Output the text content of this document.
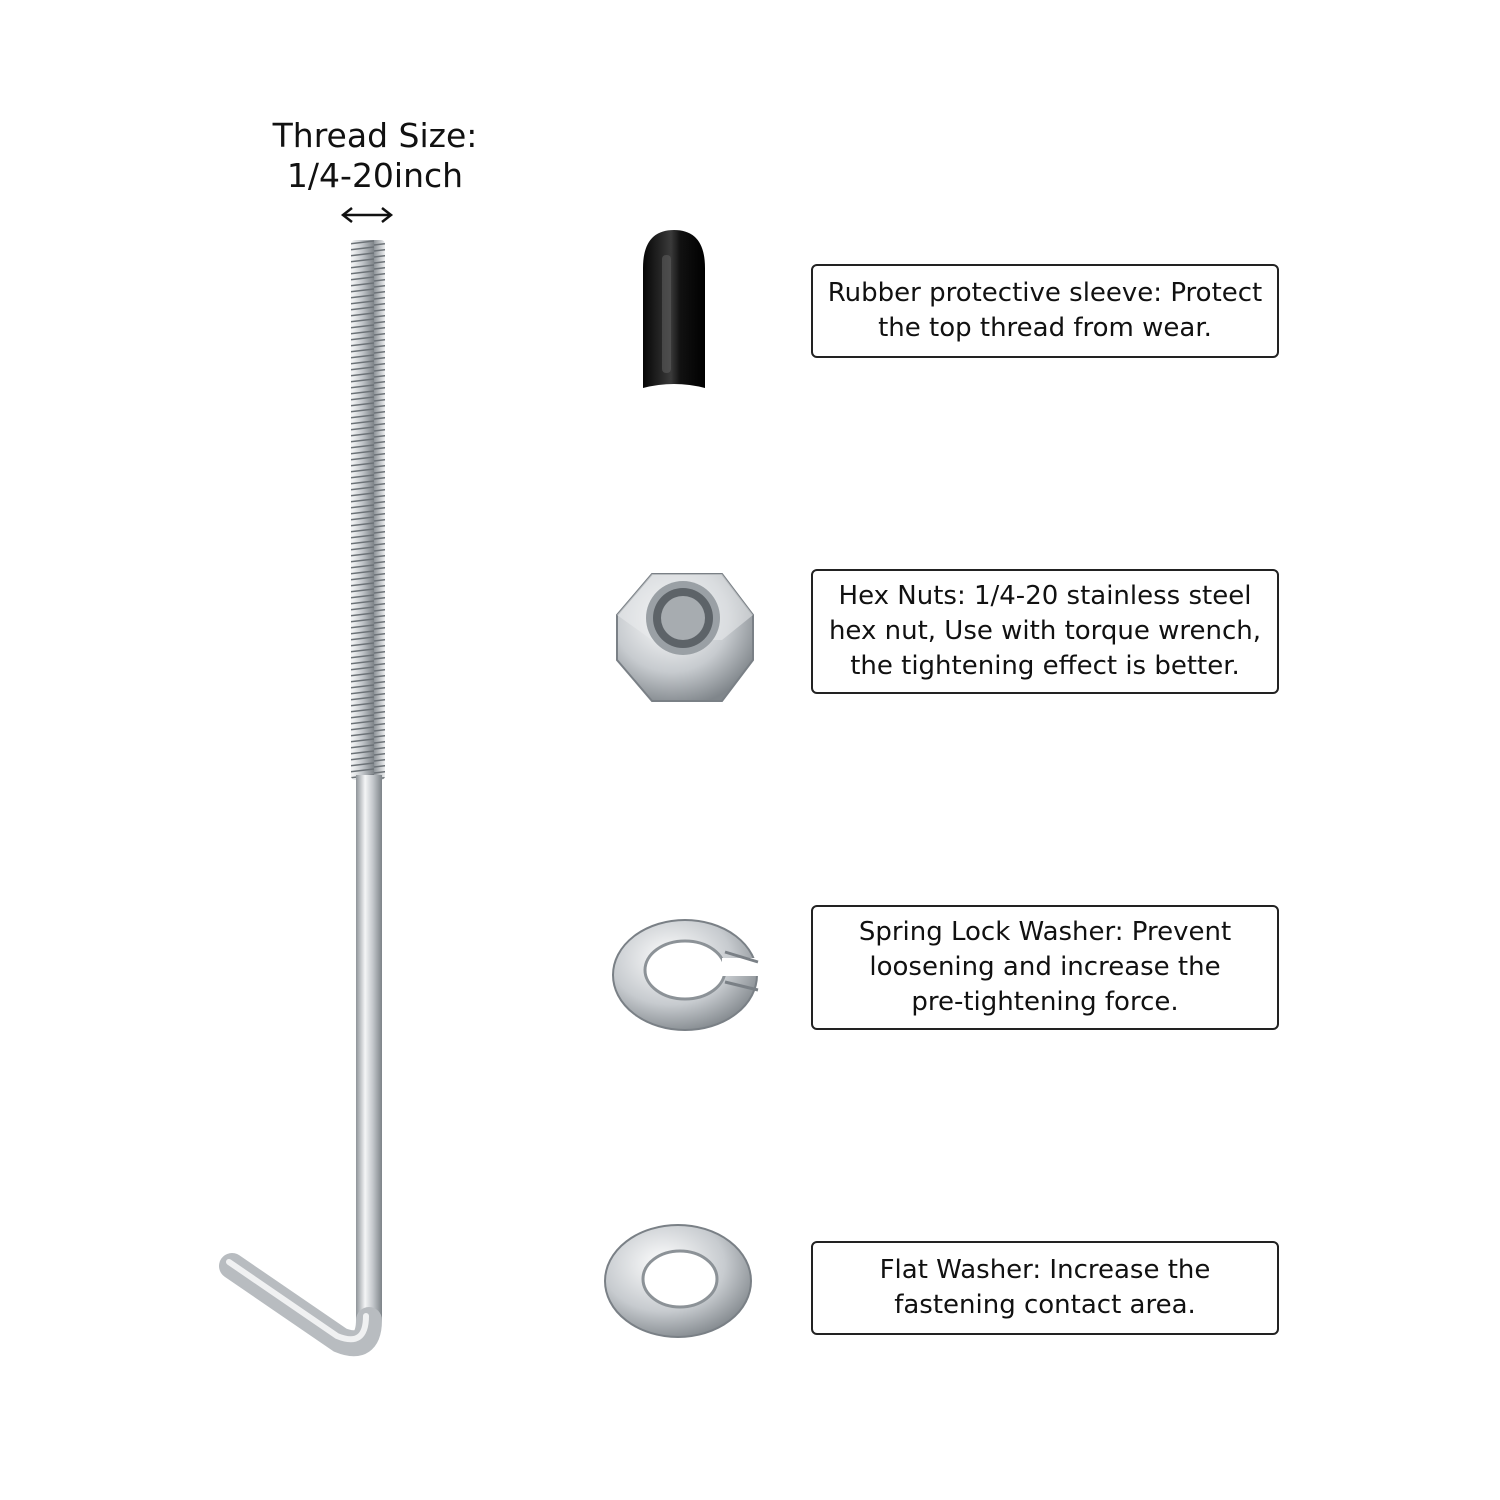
Thread Size:
1/4-20inch
Rubber protective sleeve: Protect
the top thread from wear.
Hex Nuts: 1/4-20 stainless steel
hex nut, Use with torque wrench,
the tightening effect is better.
Spring Lock Washer: Prevent
loosening and increase the
pre-tightening force.
Flat Washer: Increase the
fastening contact area.
